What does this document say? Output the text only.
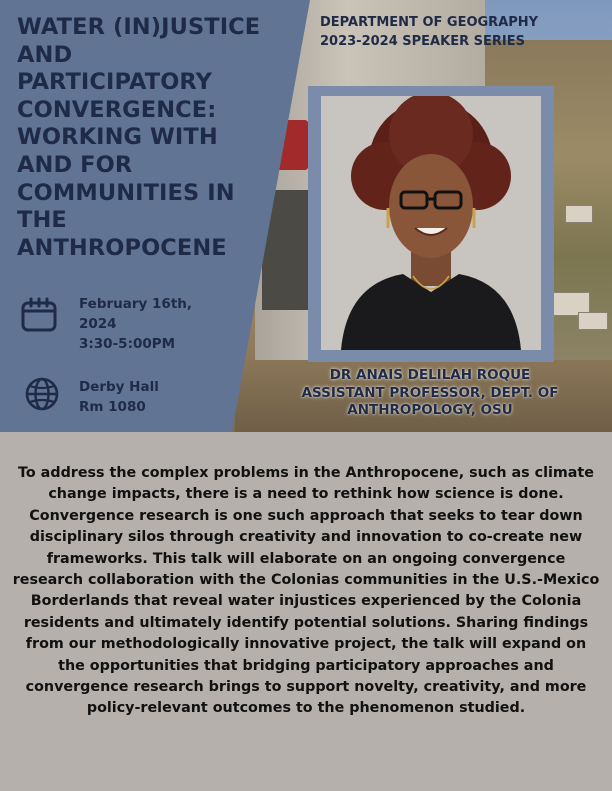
WATER (IN)JUSTICE AND PARTICIPATORY CONVERGENCE: WORKING WITH AND FOR COMMUNITIES IN THE ANTHROPOCENE
February 16th,
2024
3:30-5:00PM
Derby Hall
Rm 1080
DEPARTMENT OF GEOGRAPHY
2023-2024 SPEAKER SERIES
DR ANAIS DELILAH ROQUE
ASSISTANT PROFESSOR, DEPT. OF
ANTHROPOLOGY, OSU

To address the complex problems in the Anthropocene, such as climate change impacts, there is a need to rethink how science is done. Convergence research is one such approach that seeks to tear down disciplinary silos through creativity and innovation to co-create new frameworks. This talk will elaborate on an ongoing convergence research collaboration with the Colonias communities in the U.S.-Mexico Borderlands that reveal water injustices experienced by the Colonia residents and ultimately identify potential solutions. Sharing findings from our methodologically innovative project, the talk will expand on the opportunities that bridging participatory approaches and convergence research brings to support novelty, creativity, and more policy-relevant outcomes to the phenomenon studied.
